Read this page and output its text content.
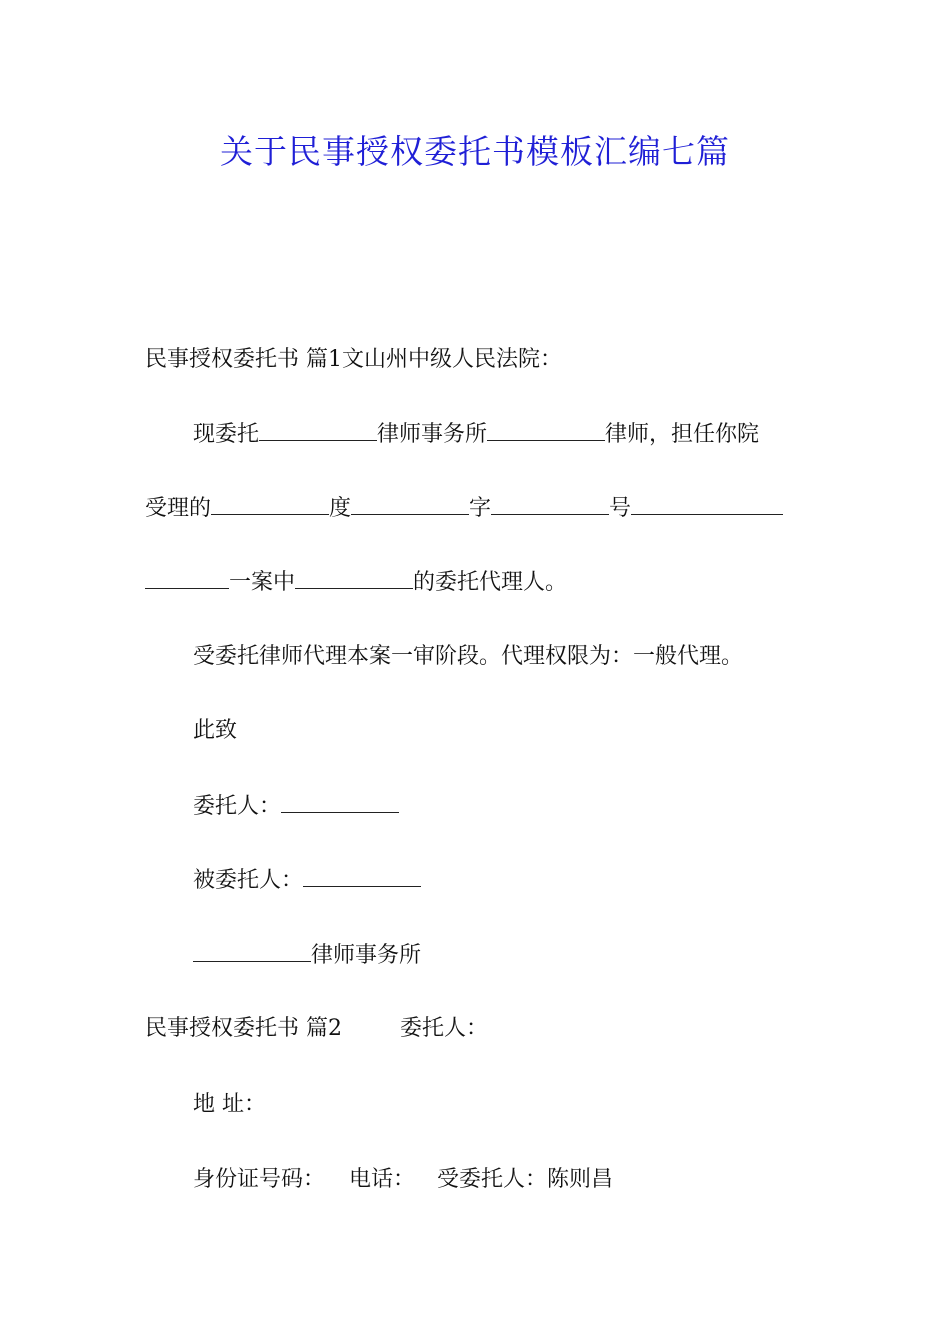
关于民事授权委托书模板汇编七篇
民事授权委托书 篇1文山州中级人民法院：
现委托	律师事务所	律师，担任你院
受理的	度	字	号
一案中	的委托代理人。
受委托律师代理本案一审阶段。代理权限为：一般代理。
此致
委托人：
被委托人：
律师事务所
民事授权委托书 篇2	委托人：
地 址：
身份证号码： 电话： 受委托人：陈则昌
